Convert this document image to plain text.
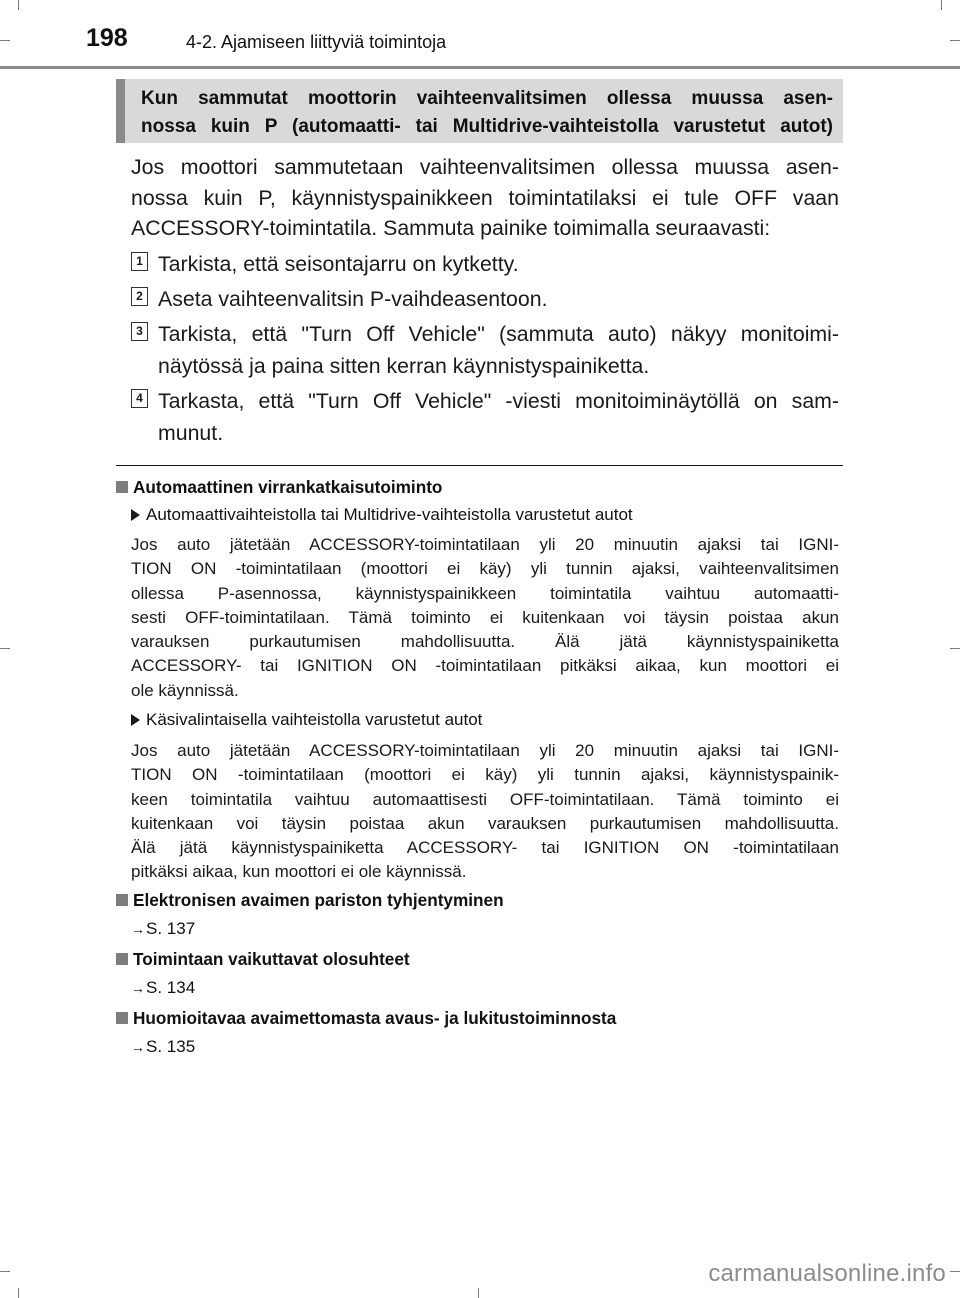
198	4-2. Ajamiseen liittyviä toimintoja
Kun sammutat moottorin vaihteenvalitsimen ollessa muussa asen-
nossa kuin P (automaatti- tai Multidrive-vaihteistolla varustetut autot)
Jos moottori sammutetaan vaihteenvalitsimen ollessa muussa asen-
nossa kuin P, käynnistyspainikkeen toimintatilaksi ei tule OFF vaan
ACCESSORY-toimintatila. Sammuta painike toimimalla seuraavasti:
1 Tarkista, että seisontajarru on kytketty.
2 Aseta vaihteenvalitsin P-vaihdeasentoon.
3 Tarkista, että "Turn Off Vehicle" (sammuta auto) näkyy monitoimi-
näytössä ja paina sitten kerran käynnistyspainiketta.
4 Tarkasta, että "Turn Off Vehicle" -viesti monitoiminäytöllä on sam-
munut.
Automaattinen virrankatkaisutoiminto
Automaattivaihteistolla tai Multidrive-vaihteistolla varustetut autot
Jos auto jätetään ACCESSORY-toimintatilaan yli 20 minuutin ajaksi tai IGNI-
TION ON -toimintatilaan (moottori ei käy) yli tunnin ajaksi, vaihteenvalitsimen
ollessa P-asennossa, käynnistyspainikkeen toimintatila vaihtuu automaatti-
sesti OFF-toimintatilaan. Tämä toiminto ei kuitenkaan voi täysin poistaa akun
varauksen purkautumisen mahdollisuutta. Älä jätä käynnistyspainiketta
ACCESSORY- tai IGNITION ON -toimintatilaan pitkäksi aikaa, kun moottori ei
ole käynnissä.
Käsivalintaisella vaihteistolla varustetut autot
Jos auto jätetään ACCESSORY-toimintatilaan yli 20 minuutin ajaksi tai IGNI-
TION ON -toimintatilaan (moottori ei käy) yli tunnin ajaksi, käynnistyspainik-
keen toimintatila vaihtuu automaattisesti OFF-toimintatilaan. Tämä toiminto ei
kuitenkaan voi täysin poistaa akun varauksen purkautumisen mahdollisuutta.
Älä jätä käynnistyspainiketta ACCESSORY- tai IGNITION ON -toimintatilaan
pitkäksi aikaa, kun moottori ei ole käynnissä.
Elektronisen avaimen pariston tyhjentyminen
→S. 137
Toimintaan vaikuttavat olosuhteet
→S. 134
Huomioitavaa avaimettomasta avaus- ja lukitustoiminnosta
→S. 135
carmanualsonline.info
